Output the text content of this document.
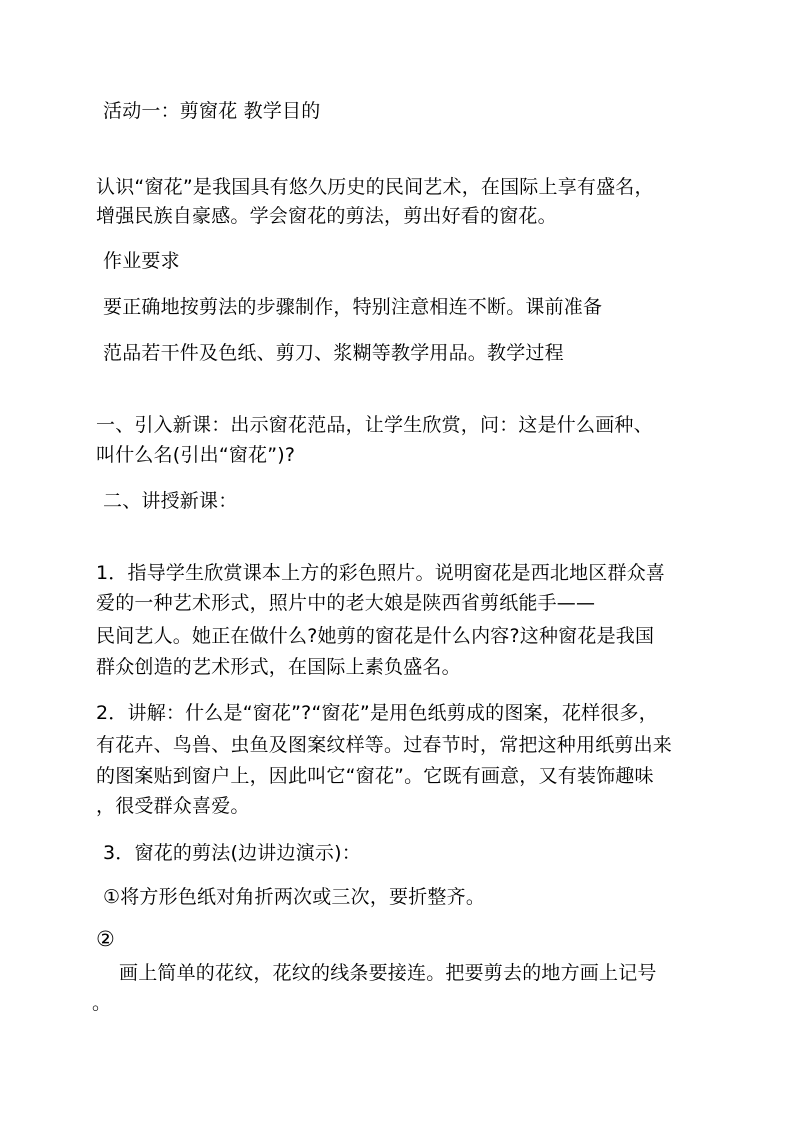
活动一：剪窗花 教学目的
认识“窗花”是我国具有悠久历史的民间艺术，在国际上享有盛名，
增强民族自豪感。学会窗花的剪法，剪出好看的窗花。
作业要求
要正确地按剪法的步骤制作，特别注意相连不断。课前准备
范品若干件及色纸、剪刀、浆糊等教学用品。教学过程
一、引入新课：出示窗花范品，让学生欣赏，问：这是什么画种、
叫什么名(引出“窗花”)?
二、讲授新课：
1．指导学生欣赏课本上方的彩色照片。说明窗花是西北地区群众喜
爱的一种艺术形式，照片中的老大娘是陕西省剪纸能手——
民间艺人。她正在做什么?她剪的窗花是什么内容?这种窗花是我国
群众创造的艺术形式，在国际上素负盛名。
2．讲解：什么是“窗花”?“窗花”是用色纸剪成的图案，花样很多，
有花卉、鸟兽、虫鱼及图案纹样等。过春节时，常把这种用纸剪出来
的图案贴到窗户上，因此叫它“窗花”。它既有画意，又有装饰趣味
，很受群众喜爱。
3．窗花的剪法(边讲边演示)：
①将方形色纸对角折两次或三次，要折整齐。
②
画上简单的花纹，花纹的线条要接连。把要剪去的地方画上记号
。
